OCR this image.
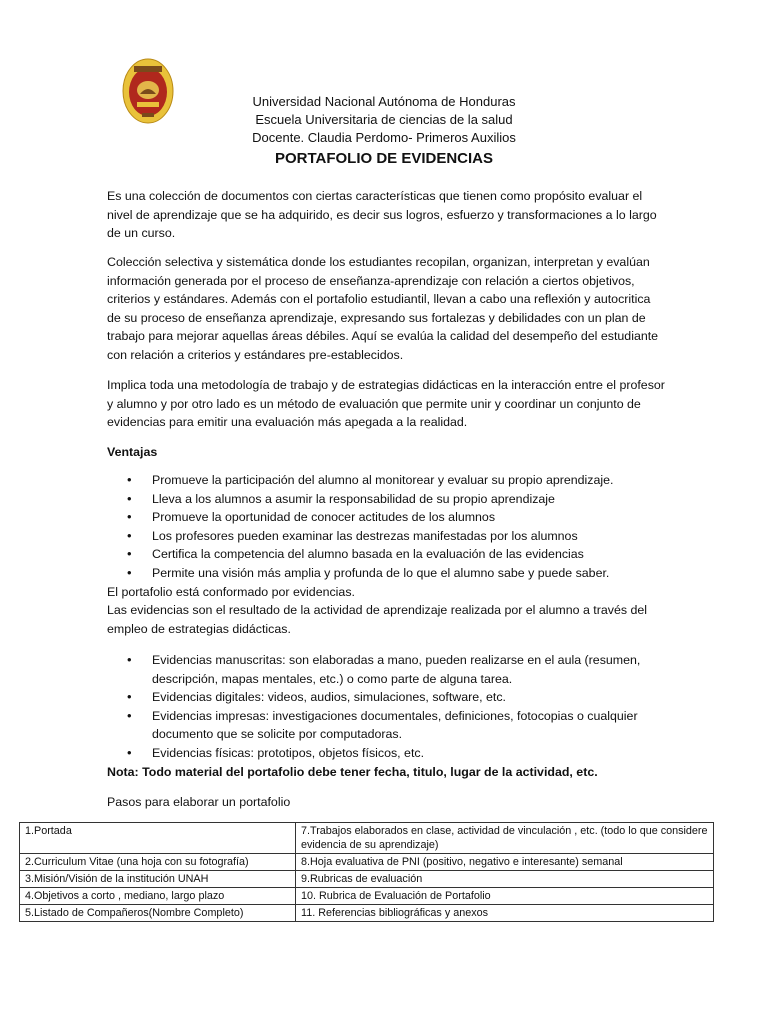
Universidad Nacional Autónoma de Honduras
Escuela Universitaria de ciencias de la salud
Docente. Claudia Perdomo- Primeros Auxilios
PORTAFOLIO DE EVIDENCIAS

Es una colección de documentos con ciertas características que tienen como propósito evaluar el nivel de aprendizaje que se ha adquirido, es decir sus logros, esfuerzo y transformaciones a lo largo de un curso.

Colección selectiva y sistemática donde los estudiantes recopilan, organizan, interpretan y evalúan información generada por el proceso de enseñanza-aprendizaje con relación a ciertos objetivos, criterios y estándares. Además con el portafolio estudiantil, llevan a cabo una reflexión y autocritica de su proceso de enseñanza aprendizaje, expresando sus fortalezas y debilidades con un plan de trabajo para mejorar aquellas áreas débiles. Aquí se evalúa la calidad del desempeño del estudiante con relación a criterios y estándares pre-establecidos.

Implica toda una metodología de trabajo y de estrategias didácticas en la interacción entre el profesor y alumno y por otro lado es un método de evaluación que permite unir y coordinar un conjunto de evidencias para emitir una evaluación más apegada a la realidad.

Ventajas
• Promueve la participación del alumno al monitorear y evaluar su propio aprendizaje.
• Lleva a los alumnos a asumir la responsabilidad de su propio aprendizaje
• Promueve la oportunidad de conocer actitudes de los alumnos
• Los profesores pueden examinar las destrezas manifestadas por los alumnos
• Certifica la competencia del alumno basada en la evaluación de las evidencias
• Permite una visión más amplia y profunda de lo que el alumno sabe y puede saber.

El portafolio está conformado por evidencias.

Las evidencias son el resultado de la actividad de aprendizaje realizada por el alumno a través del empleo de estrategias didácticas.

• Evidencias manuscritas: son elaboradas a mano, pueden realizarse en el aula (resumen, descripción, mapas mentales, etc.) o como parte de alguna tarea.
• Evidencias digitales: videos, audios, simulaciones, software, etc.
• Evidencias impresas: investigaciones documentales, definiciones, fotocopias o cualquier documento que se solicite por computadoras.
• Evidencias físicas: prototipos, objetos físicos, etc.

Nota: Todo material del portafolio debe tener fecha, titulo, lugar de la actividad, etc.

Pasos para elaborar un portafolio
1.Portada	7.Trabajos elaborados en clase, actividad de vinculación , etc. (todo lo que considere evidencia de su aprendizaje)
2.Curriculum Vitae (una hoja con su fotografía)	8.Hoja evaluativa de PNI (positivo, negativo e interesante) semanal
3.Misión/Visión de la institución UNAH	9.Rubricas de evaluación
4.Objetivos a corto , mediano, largo plazo	10. Rubrica de Evaluación de Portafolio
5.Listado de Compañeros(Nombre Completo)	11. Referencias bibliográficas y anexos
